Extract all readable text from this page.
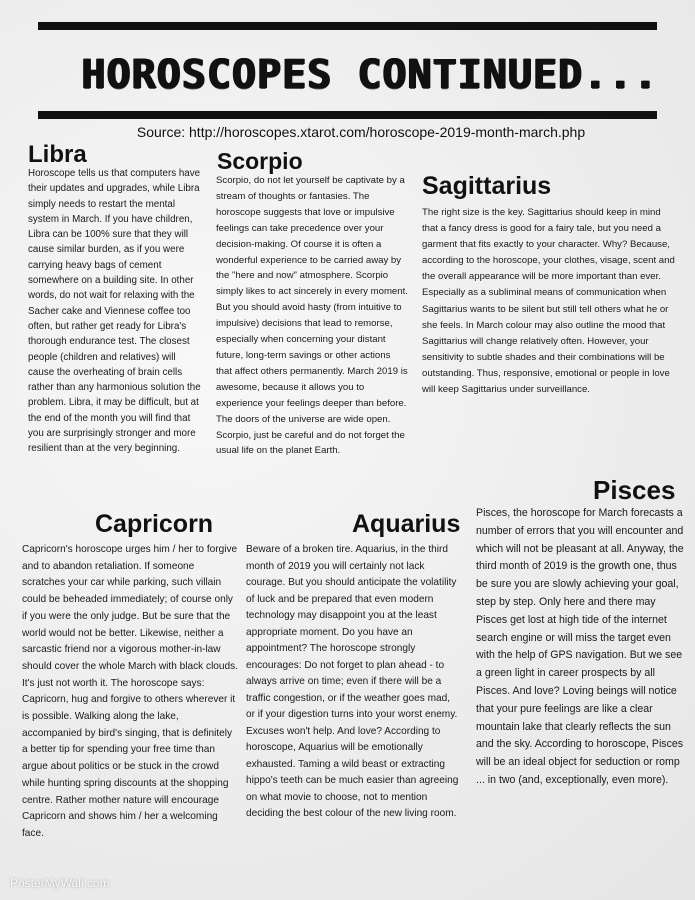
HOROSCOPES CONTINUED...
Source: http://horoscopes.xtarot.com/horoscope-2019-month-march.php
Libra

Horoscope tells us that computers have their updates and upgrades, while Libra simply needs to restart the mental system in March. If you have children, Libra can be 100% sure that they will cause similar burden, as if you were carrying heavy bags of cement somewhere on a building site. In other words, do not wait for relaxing with the Sacher cake and Viennese coffee too often, but rather get ready for Libra's thorough endurance test. The closest people (children and relatives) will cause the overheating of brain cells rather than any harmonious solution the problem. Libra, it may be difficult, but at the end of the month you will find that you are surprisingly stronger and more resilient than at the very beginning.

Scorpio

Scorpio, do not let yourself be captivate by a stream of thoughts or fantasies. The horoscope suggests that love or impulsive feelings can take precedence over your decision-making. Of course it is often a wonderful experience to be carried away by the "here and now" atmosphere. Scorpio simply likes to act sincerely in every moment. But you should avoid hasty (from intuitive to impulsive) decisions that lead to remorse, especially when concerning your distant future, long-term savings or other actions that affect others permanently. March 2019 is awesome, because it allows you to experience your feelings deeper than before. The doors of the universe are wide open. Scorpio, just be careful and do not forget the usual life on the planet Earth.

Sagittarius

The right size is the key. Sagittarius should keep in mind that a fancy dress is good for a fairy tale, but you need a garment that fits exactly to your character. Why? Because, according to the horoscope, your clothes, visage, scent and the overall appearance will be more important than ever. Especially as a subliminal means of communication when Sagittarius wants to be silent but still tell others what he or she feels. In March colour may also outline the mood that Sagittarius will change relatively often. However, your sensitivity to subtle shades and their combinations will be outstanding. Thus, responsive, emotional or people in love will keep Sagittarius under surveillance.

Capricorn

Capricorn's horoscope urges him / her to forgive and to abandon retaliation. If someone scratches your car while parking, such villain could be beheaded immediately; of course only if you were the only judge. But be sure that the world would not be better. Likewise, neither a sarcastic friend nor a vigorous mother-in-law should cover the whole March with black clouds. It's just not worth it. The horoscope says: Capricorn, hug and forgive to others wherever it is possible. Walking along the lake, accompanied by bird's singing, that is definitely a better tip for spending your free time than argue about politics or be stuck in the crowd while hunting spring discounts at the shopping centre. Rather mother nature will encourage Capricorn and shows him / her a welcoming face.

Aquarius

Beware of a broken tire. Aquarius, in the third month of 2019 you will certainly not lack courage. But you should anticipate the volatility of luck and be prepared that even modern technology may disappoint you at the least appropriate moment. Do you have an appointment? The horoscope strongly encourages: Do not forget to plan ahead - to always arrive on time; even if there will be a traffic congestion, or if the weather goes mad, or if your digestion turns into your worst enemy. Excuses won't help. And love? According to horoscope, Aquarius will be emotionally exhausted. Taming a wild beast or extracting hippo's teeth can be much easier than agreeing on what movie to choose, not to mention deciding the best colour of the new living room.

Pisces

Pisces, the horoscope for March forecasts a number of errors that you will encounter and which will not be pleasant at all. Anyway, the third month of 2019 is the growth one, thus be sure you are slowly achieving your goal, step by step. Only here and there may Pisces get lost at high tide of the internet search engine or will miss the target even with the help of GPS navigation. But we see a green light in career prospects by all Pisces. And love? Loving beings will notice that your pure feelings are like a clear mountain lake that clearly reflects the sun and the sky. According to horoscope, Pisces will be an ideal object for seduction or romp ... in two (and, exceptionally, even more).

PosterMyWall.com
